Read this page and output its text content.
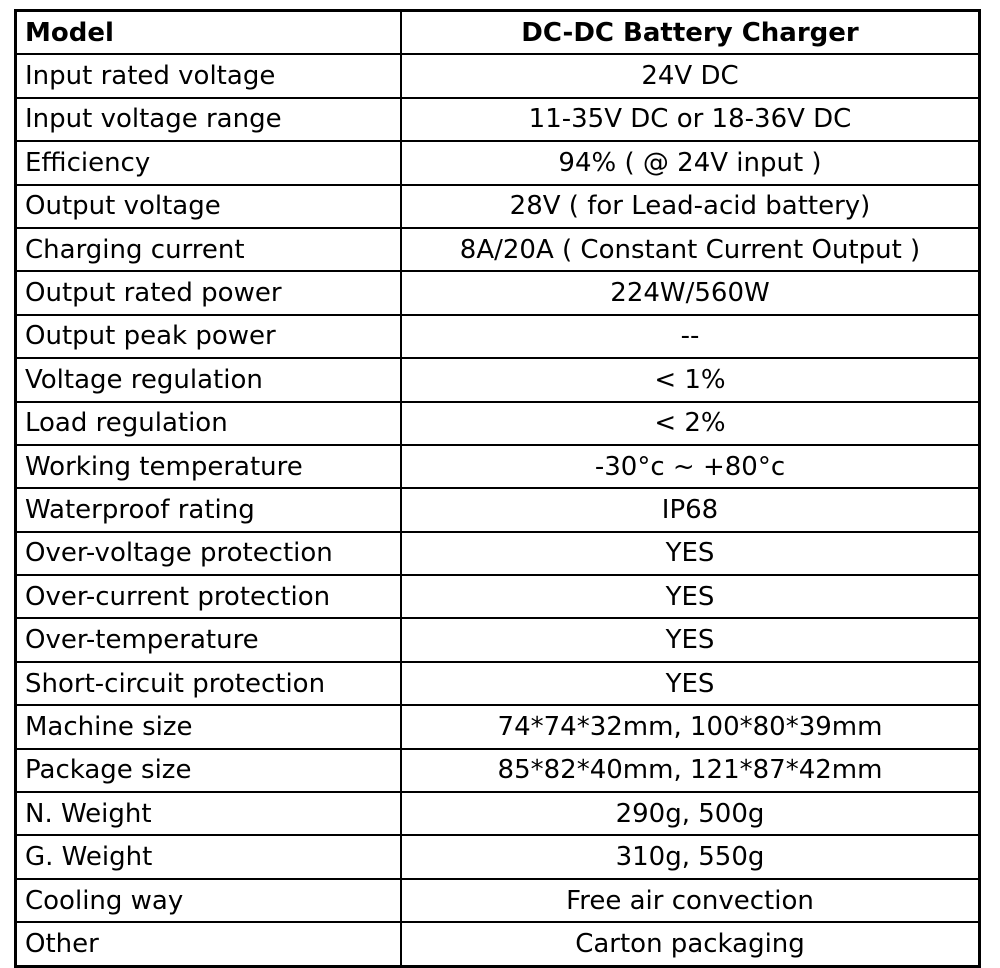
Model	DC-DC Battery Charger
Input rated voltage	24V DC
Input voltage range	11-35V DC or 18-36V DC
Efficiency	94% ( @ 24V input )
Output voltage	28V ( for Lead-acid battery)
Charging current	8A/20A ( Constant Current Output )
Output rated power	224W/560W
Output peak power	--
Voltage regulation	< 1%
Load regulation	< 2%
Working temperature	-30°c ~ +80°c
Waterproof rating	IP68
Over-voltage protection	YES
Over-current protection	YES
Over-temperature	YES
Short-circuit protection	YES
Machine size	74*74*32mm, 100*80*39mm
Package size	85*82*40mm, 121*87*42mm
N. Weight	290g, 500g
G. Weight	310g, 550g
Cooling way	Free air convection
Other	Carton packaging
